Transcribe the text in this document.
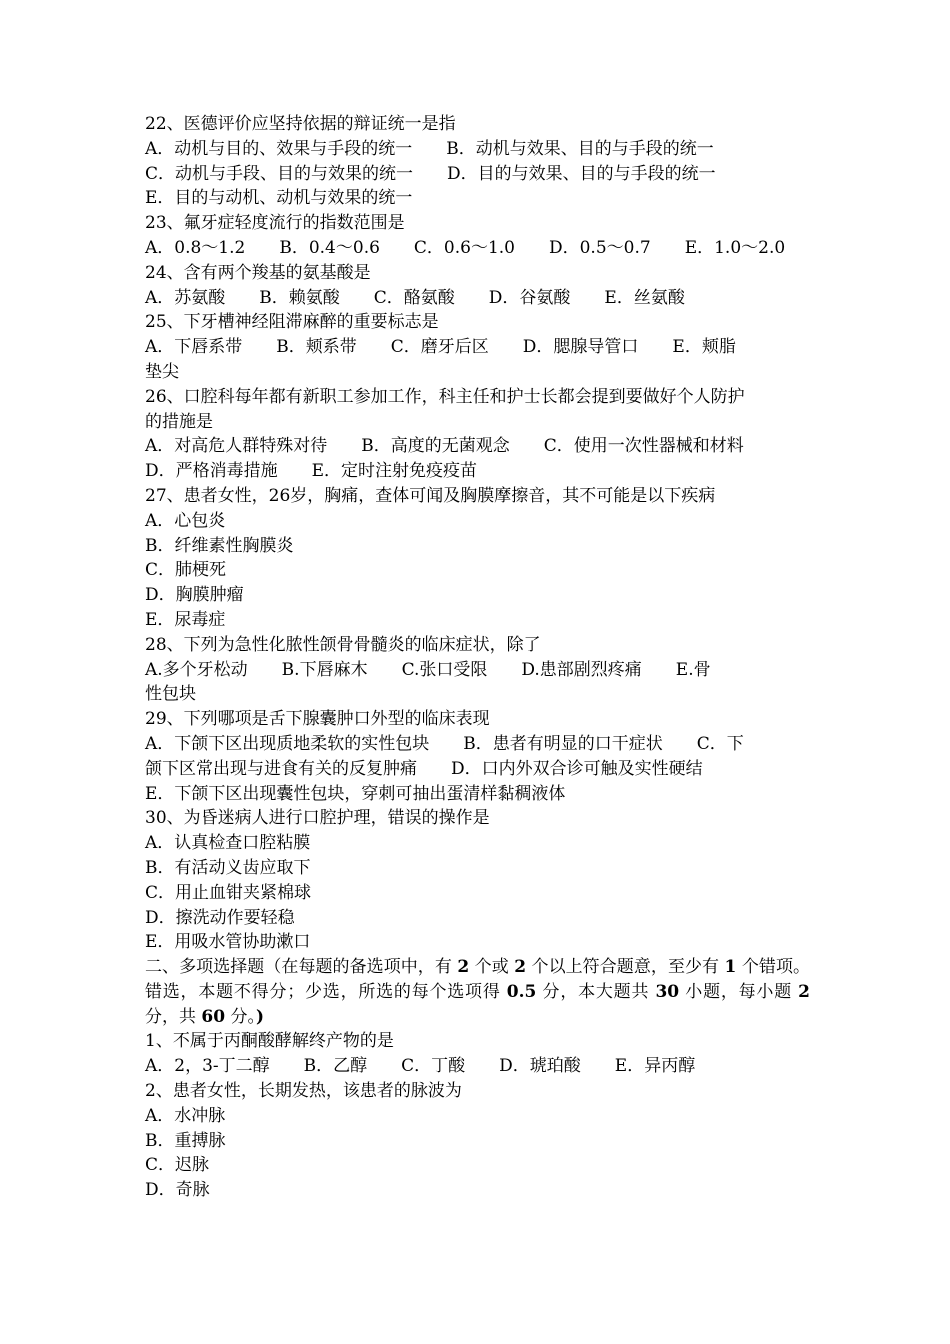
22、医德评价应坚持依据的辩证统一是指
A．动机与目的、效果与手段的统一　　B．动机与效果、目的与手段的统一
C．动机与手段、目的与效果的统一　　D．目的与效果、目的与手段的统一
E．目的与动机、动机与效果的统一
23、氟牙症轻度流行的指数范围是
A．0.8～1.2　　B．0.4～0.6　　C．0.6～1.0　　D．0.5～0.7　　E．1.0～2.0
24、含有两个羧基的氨基酸是
A．苏氨酸　　B．赖氨酸　　C．酪氨酸　　D．谷氨酸　　E．丝氨酸
25、下牙槽神经阻滞麻醉的重要标志是
A．下唇系带　　B．颊系带　　C．磨牙后区　　D．腮腺导管口　　E．颊脂
垫尖
26、口腔科每年都有新职工参加工作，科主任和护士长都会提到要做好个人防护
的措施是
A．对高危人群特殊对待　　B．高度的无菌观念　　C．使用一次性器械和材料
D．严格消毒措施　　E．定时注射免疫疫苗
27、患者女性，26岁，胸痛，查体可闻及胸膜摩擦音，其不可能是以下疾病
A．心包炎
B．纤维素性胸膜炎
C．肺梗死
D．胸膜肿瘤
E．尿毒症
28、下列为急性化脓性颌骨骨髓炎的临床症状，除了
A.多个牙松动　　B.下唇麻木　　C.张口受限　　D.患部剧烈疼痛　　E.骨
性包块
29、下列哪项是舌下腺囊肿口外型的临床表现
A．下颌下区出现质地柔软的实性包块　　B．患者有明显的口干症状　　C．下
颌下区常出现与进食有关的反复肿痛　　D．口内外双合诊可触及实性硬结
E．下颌下区出现囊性包块，穿刺可抽出蛋清样黏稠液体
30、为昏迷病人进行口腔护理，错误的操作是
A．认真检查口腔粘膜
B．有活动义齿应取下
C．用止血钳夹紧棉球
D．擦洗动作要轻稳
E．用吸水管协助漱口
二、多项选择题（在每题的备选项中，有 2 个或 2 个以上符合题意，至少有 1 个错项。错选，本题不得分；少选，所选的每个选项得 0.5 分，本大题共 30 小题，每小题 2 分，共 60 分。)
1、不属于丙酮酸酵解终产物的是
A．2，3-丁二醇　　B．乙醇　　C．丁酸　　D．琥珀酸　　E．异丙醇
2、患者女性，长期发热，该患者的脉波为
A．水冲脉
B．重搏脉
C．迟脉
D．奇脉
